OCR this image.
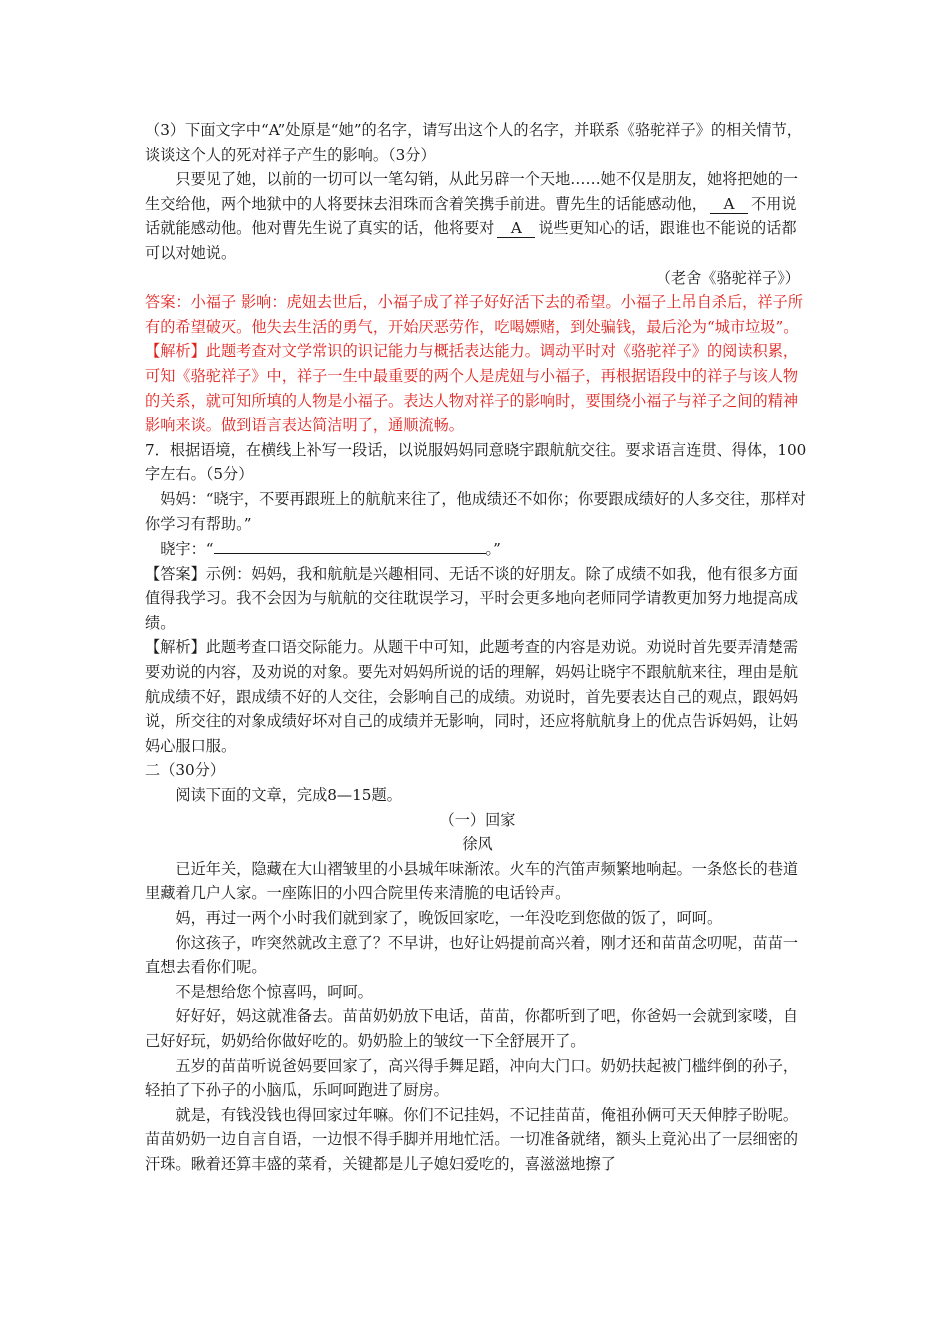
（3）下面文字中“A”处原是“她”的名字，请写出这个人的名字，并联系《骆驼祥子》的相关情节，谈谈这个人的死对祥子产生的影响。（3分）

只要见了她，以前的一切可以一笔勾销，从此另辟一个天地……她不仅是朋友，她将把她的一生交给他，两个地狱中的人将要抹去泪珠而含着笑携手前进。曹先生的话能感动他， A 不用说话就能感动他。他对曹先生说了真实的话，他将要对 A 说些更知心的话，跟谁也不能说的话都可以对她说。

（老舍《骆驼祥子》）

答案：小福子 影响：虎妞去世后，小福子成了祥子好好活下去的希望。小福子上吊自杀后，祥子所有的希望破灭。他失去生活的勇气，开始厌恶劳作，吃喝嫖赌，到处骗钱，最后沦为“城市垃圾”。

【解析】此题考查对文学常识的识记能力与概括表达能力。调动平时对《骆驼祥子》的阅读积累，可知《骆驼祥子》中，祥子一生中最重要的两个人是虎妞与小福子，再根据语段中的祥子与该人物的关系，就可知所填的人物是小福子。表达人物对祥子的影响时，要围绕小福子与祥子之间的精神影响来谈。做到语言表达简洁明了，通顺流畅。

7．根据语境，在横线上补写一段话，以说服妈妈同意晓宇跟航航交往。要求语言连贯、得体，100字左右。（5分）

妈妈：“晓宇，不要再跟班上的航航来往了，他成绩还不如你；你要跟成绩好的人多交往，那样对你学习有帮助。”

晓宇：“	。”

【答案】示例：妈妈，我和航航是兴趣相同、无话不谈的好朋友。除了成绩不如我，他有很多方面值得我学习。我不会因为与航航的交往耽误学习，平时会更多地向老师同学请教更加努力地提高成绩。

【解析】此题考查口语交际能力。从题干中可知，此题考查的内容是劝说。劝说时首先要弄清楚需要劝说的内容，及劝说的对象。要先对妈妈所说的话的理解，妈妈让晓宇不跟航航来往，理由是航航成绩不好，跟成绩不好的人交往，会影响自己的成绩。劝说时，首先要表达自己的观点，跟妈妈说，所交往的对象成绩好坏对自己的成绩并无影响，同时，还应将航航身上的优点告诉妈妈，让妈妈心服口服。

二（30分）

阅读下面的文章，完成8—15题。

（一）回家

徐风

已近年关，隐藏在大山褶皱里的小县城年味渐浓。火车的汽笛声频繁地响起。一条悠长的巷道里藏着几户人家。一座陈旧的小四合院里传来清脆的电话铃声。

妈，再过一两个小时我们就到家了，晚饭回家吃，一年没吃到您做的饭了，呵呵。

你这孩子，咋突然就改主意了？不早讲，也好让妈提前高兴着，刚才还和苗苗念叨呢，苗苗一直想去看你们呢。

不是想给您个惊喜吗，呵呵。

好好好，妈这就准备去。苗苗奶奶放下电话，苗苗，你都听到了吧，你爸妈一会就到家喽，自己好好玩，奶奶给你做好吃的。奶奶脸上的皱纹一下全舒展开了。

五岁的苗苗听说爸妈要回家了，高兴得手舞足蹈，冲向大门口。奶奶扶起被门槛绊倒的孙子，轻拍了下孙子的小脑瓜，乐呵呵跑进了厨房。

就是，有钱没钱也得回家过年嘛。你们不记挂妈，不记挂苗苗，俺祖孙俩可天天伸脖子盼呢。苗苗奶奶一边自言自语，一边恨不得手脚并用地忙活。一切准备就绪，额头上竟沁出了一层细密的汗珠。瞅着还算丰盛的菜肴，关键都是儿子媳妇爱吃的，喜滋滋地擦了
